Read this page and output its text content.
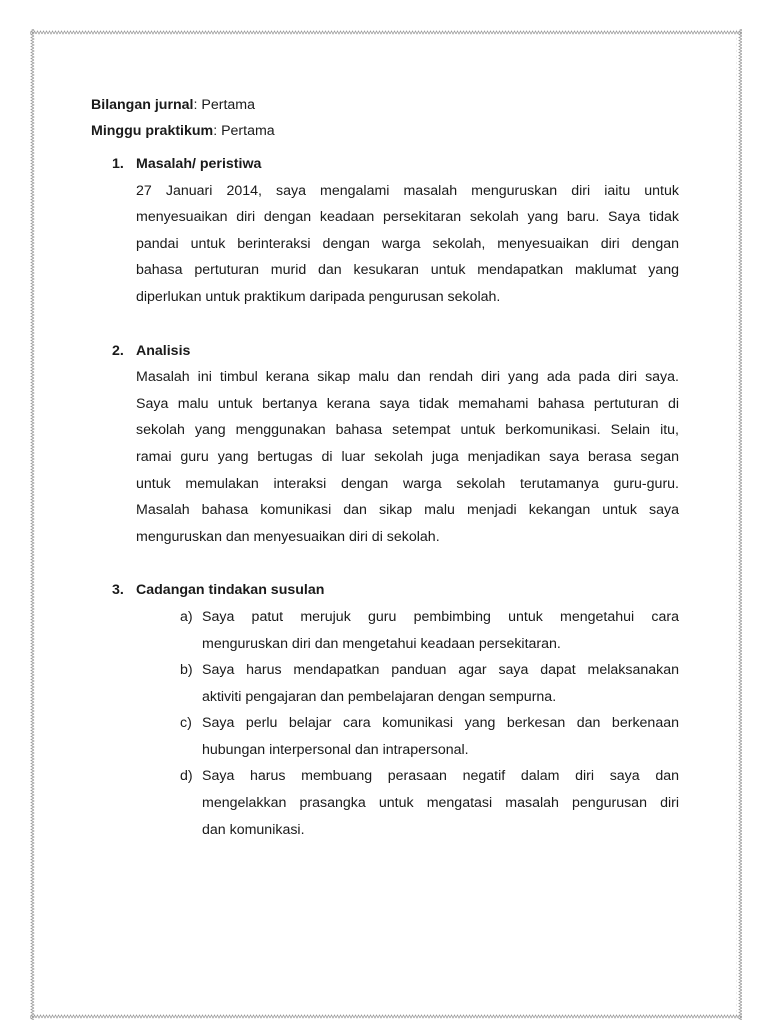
Bilangan jurnal: Pertama

Minggu praktikum: Pertama

1. Masalah/ peristiwa
27 Januari 2014, saya mengalami masalah menguruskan diri iaitu untuk
menyesuaikan diri dengan keadaan persekitaran sekolah yang baru. Saya tidak
pandai untuk berinteraksi dengan warga sekolah, menyesuaikan diri dengan
bahasa pertuturan murid dan kesukaran untuk mendapatkan maklumat yang
diperlukan untuk praktikum daripada pengurusan sekolah.
2. Analisis
Masalah ini timbul kerana sikap malu dan rendah diri yang ada pada diri saya.
Saya malu untuk bertanya kerana saya tidak memahami bahasa pertuturan di
sekolah yang menggunakan bahasa setempat untuk berkomunikasi. Selain itu,
ramai guru yang bertugas di luar sekolah juga menjadikan saya berasa segan
untuk memulakan interaksi dengan warga sekolah terutamanya guru-guru.
Masalah bahasa komunikasi dan sikap malu menjadi kekangan untuk saya
menguruskan dan menyesuaikan diri di sekolah.
3. Cadangan tindakan susulan
a) Saya patut merujuk guru pembimbing untuk mengetahui cara
menguruskan diri dan mengetahui keadaan persekitaran.
b) Saya harus mendapatkan panduan agar saya dapat melaksanakan
aktiviti pengajaran dan pembelajaran dengan sempurna.
c) Saya perlu belajar cara komunikasi yang berkesan dan berkenaan
hubungan interpersonal dan intrapersonal.
d) Saya harus membuang perasaan negatif dalam diri saya dan
mengelakkan prasangka untuk mengatasi masalah pengurusan diri
dan komunikasi.
